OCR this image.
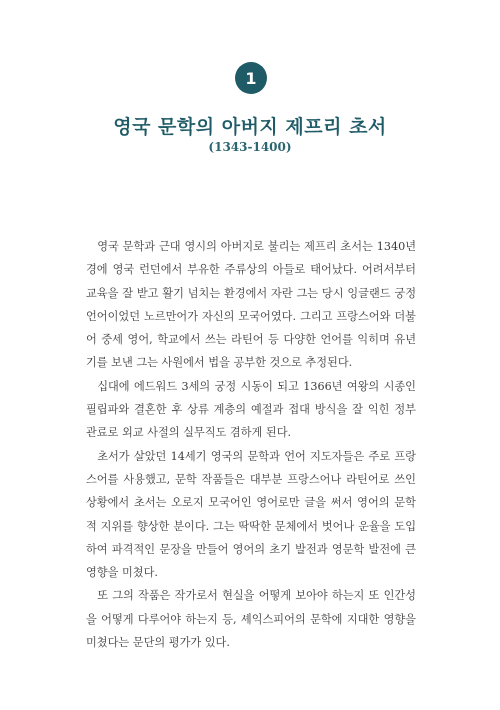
1
영국 문학의 아버지 제프리 초서
(1343-1400)

영국 문학과 근대 영시의 아버지로 불리는 제프리 초서는 1340년경에 영국 런던에서 부유한 주류상의 아들로 태어났다. 어려서부터 교육을 잘 받고 활기 넘치는 환경에서 자란 그는 당시 잉글랜드 궁정 언어이었던 노르만어가 자신의 모국어였다. 그리고 프랑스어와 더불어 중세 영어, 학교에서 쓰는 라틴어 등 다양한 언어를 익히며 유년기를 보낸 그는 사원에서 법을 공부한 것으로 추정된다.

십대에 에드워드 3세의 궁정 시동이 되고 1366년 여왕의 시종인 필립파와 결혼한 후 상류 계층의 예절과 접대 방식을 잘 익힌 정부 관료로 외교 사절의 실무직도 겸하게 된다.

초서가 살았던 14세기 영국의 문학과 언어 지도자들은 주로 프랑스어를 사용했고, 문학 작품들은 대부분 프랑스어나 라틴어로 쓰인 상황에서 초서는 오로지 모국어인 영어로만 글을 써서 영어의 문학적 지위를 향상한 분이다. 그는 딱딱한 문체에서 벗어나 운율을 도입하여 파격적인 문장을 만들어 영어의 초기 발전과 영문학 발전에 큰 영향을 미쳤다.

또 그의 작품은 작가로서 현실을 어떻게 보아야 하는지 또 인간성을 어떻게 다루어야 하는지 등, 셰익스피어의 문학에 지대한 영향을 미쳤다는 문단의 평가가 있다.
